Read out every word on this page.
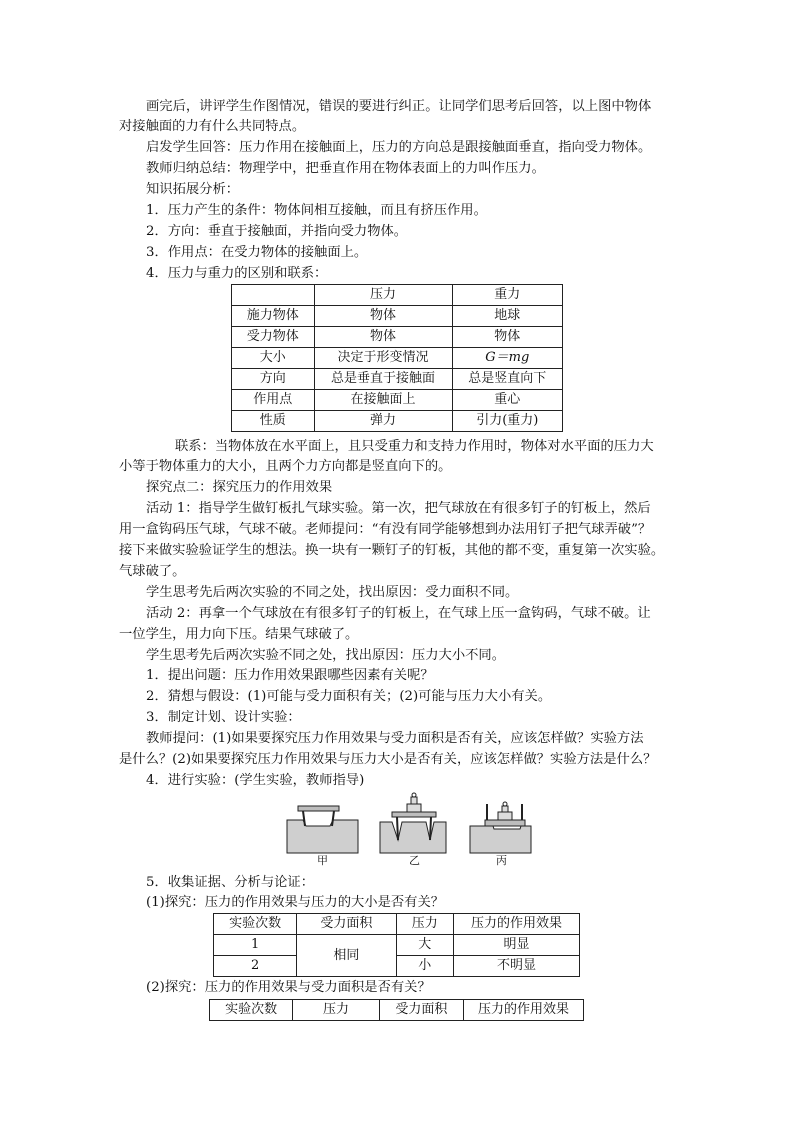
画完后，讲评学生作图情况，错误的要进行纠正。让同学们思考后回答，以上图中物体
对接触面的力有什么共同特点。
启发学生回答：压力作用在接触面上，压力的方向总是跟接触面垂直，指向受力物体。
教师归纳总结：物理学中，把垂直作用在物体表面上的力叫作压力。
知识拓展分析：
1．压力产生的条件：物体间相互接触，而且有挤压作用。
2．方向：垂直于接触面，并指向受力物体。
3．作用点：在受力物体的接触面上。
4．压力与重力的区别和联系：
	压力	重力
施力物体	物体	地球
受力物体	物体	物体
大小	决定于形变情况	G＝mg
方向	总是垂直于接触面	总是竖直向下
作用点	在接触面上	重心
性质	弹力	引力(重力)
联系：当物体放在水平面上，且只受重力和支持力作用时，物体对水平面的压力大
小等于物体重力的大小，且两个力方向都是竖直向下的。
探究点二：探究压力的作用效果
活动 1：指导学生做钉板扎气球实验。第一次，把气球放在有很多钉子的钉板上，然后
用一盒钩码压气球，气球不破。老师提问：“有没有同学能够想到办法用钉子把气球弄破”？
接下来做实验验证学生的想法。换一块有一颗钉子的钉板，其他的都不变，重复第一次实验。
气球破了。
学生思考先后两次实验的不同之处，找出原因：受力面积不同。
活动 2：再拿一个气球放在有很多钉子的钉板上，在气球上压一盒钩码，气球不破。让
一位学生，用力向下压。结果气球破了。
学生思考先后两次实验不同之处，找出原因：压力大小不同。
1．提出问题：压力作用效果跟哪些因素有关呢？
2．猜想与假设：(1)可能与受力面积有关；(2)可能与压力大小有关。
3．制定计划、设计实验：
教师提问：(1)如果要探究压力作用效果与受力面积是否有关，应该怎样做？实验方法
是什么？(2)如果要探究压力作用效果与压力大小是否有关，应该怎样做？实验方法是什么？
4．进行实验：(学生实验，教师指导)
甲	乙	丙
5．收集证据、分析与论证：
(1)探究：压力的作用效果与压力的大小是否有关？
实验次数	受力面积	压力	压力的作用效果
1	相同	大	明显
2		小	不明显
(2)探究：压力的作用效果与受力面积是否有关？
实验次数	压力	受力面积	压力的作用效果
